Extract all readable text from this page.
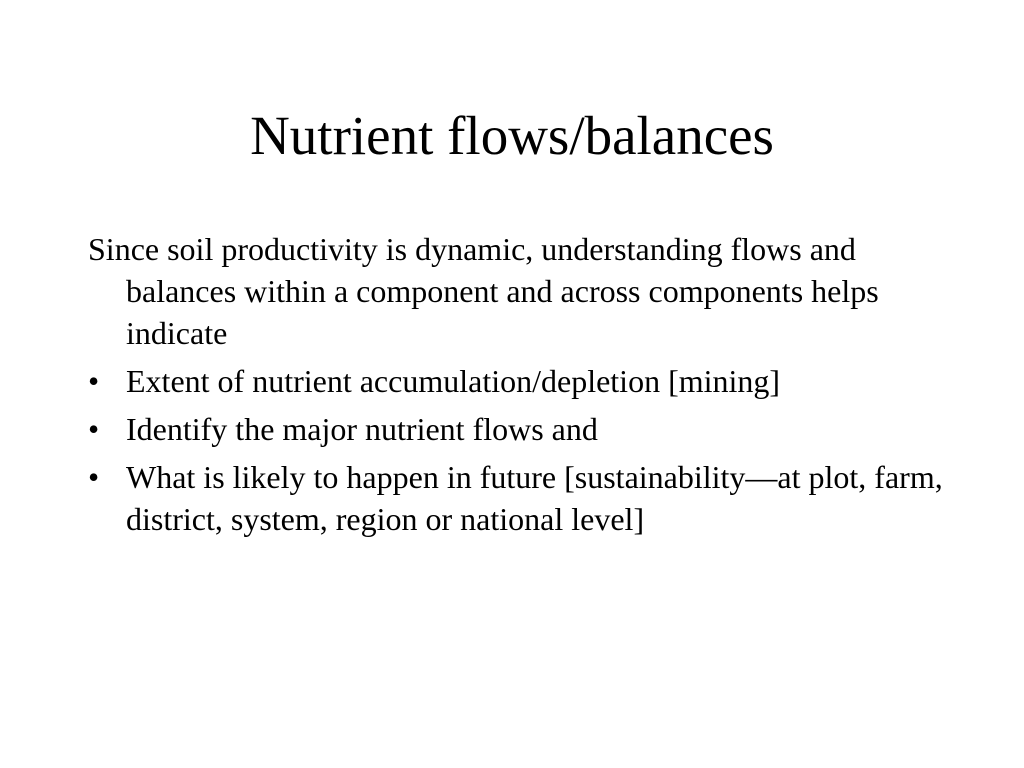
Nutrient flows/balances

Since soil productivity is dynamic, understanding flows and balances within a component and across components helps indicate

• Extent of nutrient accumulation/depletion [mining]
• Identify the major nutrient flows and
• What is likely to happen in future [sustainability—at plot, farm, district, system, region or national level]
